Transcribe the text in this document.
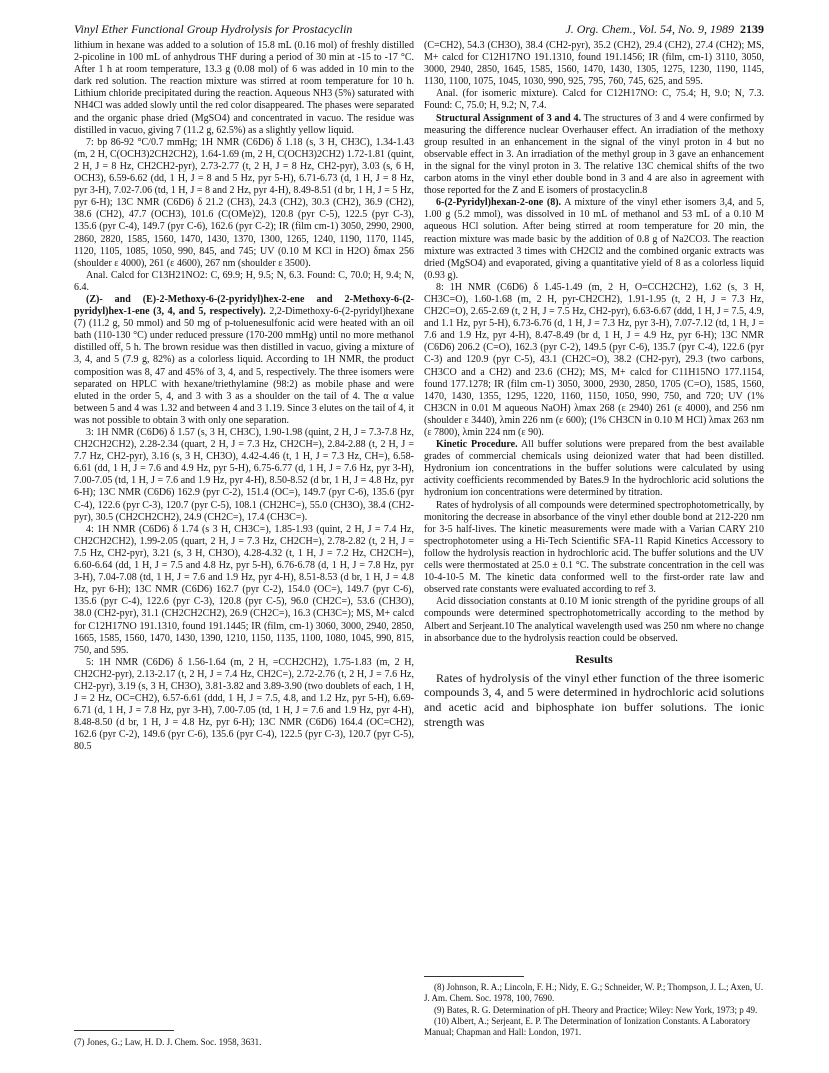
Vinyl Ether Functional Group Hydrolysis for Prostacyclin	J. Org. Chem., Vol. 54, No. 9, 1989 2139

lithium in hexane was added to a solution of 15.8 mL (0.16 mol) of freshly distilled 2-picoline in 100 mL of anhydrous THF during a period of 30 min at -15 to -17 °C. After 1 h at room temperature, 13.3 g (0.08 mol) of 6 was added in 10 min to the dark red solution. The reaction mixture was stirred at room temperature for 10 h. Lithium chloride precipitated during the reaction. Aqueous NH3 (5%) saturated with NH4Cl was added slowly until the red color disappeared. The phases were separated and the organic phase dried (MgSO4) and concentrated in vacuo. The residue was distilled in vacuo, giving 7 (11.2 g, 62.5%) as a slightly yellow liquid.

7: bp 86-92 °C/0.7 mmHg; 1H NMR (C6D6) δ 1.18 (s, 3 H, CH3C), 1.34-1.43 (m, 2 H, C(OCH3)2CH2CH2), 1.64-1.69 (m, 2 H, C(OCH3)2CH2) 1.72-1.81 (quint, 2 H, J = 8 Hz, CH2CH2-pyr), 2.73-2.77 (t, 2 H, J = 8 Hz, CH2-pyr), 3.03 (s, 6 H, OCH3), 6.59-6.62 (dd, 1 H, J = 8 and 5 Hz, pyr 5-H), 6.71-6.73 (d, 1 H, J = 8 Hz, pyr 3-H), 7.02-7.06 (td, 1 H, J = 8 and 2 Hz, pyr 4-H), 8.49-8.51 (d br, 1 H, J = 5 Hz, pyr 6-H); 13C NMR (C6D6) δ 21.2 (CH3), 24.3 (CH2), 30.3 (CH2), 36.9 (CH2), 38.6 (CH2), 47.7 (OCH3), 101.6 (C(OMe)2), 120.8 (pyr C-5), 122.5 (pyr C-3), 135.6 (pyr C-4), 149.7 (pyr C-6), 162.6 (pyr C-2); IR (film cm-1) 3050, 2990, 2900, 2860, 2820, 1585, 1560, 1470, 1430, 1370, 1300, 1265, 1240, 1190, 1170, 1145, 1120, 1105, 1085, 1050, 990, 845, and 745; UV (0.10 M KCl in H2O) δmax 256 (shoulder ε 4000), 261 (ε 4600), 267 nm (shoulder ε 3500).

Anal. Calcd for C13H21NO2: C, 69.9; H, 9.5; N, 6.3. Found: C, 70.0; H, 9.4; N, 6.4.

(Z)- and (E)-2-Methoxy-6-(2-pyridyl)hex-2-ene and 2-Methoxy-6-(2-pyridyl)hex-1-ene (3, 4, and 5, respectively). 2,2-Dimethoxy-6-(2-pyridyl)hexane (7) (11.2 g, 50 mmol) and 50 mg of p-toluenesulfonic acid were heated with an oil bath (110-130 °C) under reduced pressure (170-200 mmHg) until no more methanol distilled off, 5 h. The brown residue was then distilled in vacuo, giving a mixture of 3, 4, and 5 (7.9 g, 82%) as a colorless liquid. According to 1H NMR, the product composition was 8, 47 and 45% of 3, 4, and 5, respectively. The three isomers were separated on HPLC with hexane/triethylamine (98:2) as mobile phase and were eluted in the order 5, 4, and 3 with 3 as a shoulder on the tail of 4. The α value between 5 and 4 was 1.32 and between 4 and 3 1.19. Since 3 elutes on the tail of 4, it was not possible to obtain 3 with only one separation.

3: 1H NMR (C6D6) δ 1.57 (s, 3 H, CH3C), 1.90-1.98 (quint, 2 H, J = 7.3-7.8 Hz, CH2CH2CH2), 2.28-2.34 (quart, 2 H, J = 7.3 Hz, CH2CH=), 2.84-2.88 (t, 2 H, J = 7.7 Hz, CH2-pyr), 3.16 (s, 3 H, CH3O), 4.42-4.46 (t, 1 H, J = 7.3 Hz, CH=), 6.58-6.61 (dd, 1 H, J = 7.6 and 4.9 Hz, pyr 5-H), 6.75-6.77 (d, 1 H, J = 7.6 Hz, pyr 3-H), 7.00-7.05 (td, 1 H, J = 7.6 and 1.9 Hz, pyr 4-H), 8.50-8.52 (d br, 1 H, J = 4.8 Hz, pyr 6-H); 13C NMR (C6D6) 162.9 (pyr C-2), 151.4 (OC=), 149.7 (pyr C-6), 135.6 (pyr C-4), 122.6 (pyr C-3), 120.7 (pyr C-5), 108.1 (CH2HC=), 55.0 (CH3O), 38.4 (CH2-pyr), 30.5 (CH2CH2CH2), 24.9 (CH2C=), 17.4 (CH3C=).

4: 1H NMR (C6D6) δ 1.74 (s 3 H, CH3C=), 1.85-1.93 (quint, 2 H, J = 7.4 Hz, CH2CH2CH2), 1.99-2.05 (quart, 2 H, J = 7.3 Hz, CH2CH=), 2.78-2.82 (t, 2 H, J = 7.5 Hz, CH2-pyr), 3.21 (s, 3 H, CH3O), 4.28-4.32 (t, 1 H, J = 7.2 Hz, CH2CH=), 6.60-6.64 (dd, 1 H, J = 7.5 and 4.8 Hz, pyr 5-H), 6.76-6.78 (d, 1 H, J = 7.8 Hz, pyr 3-H), 7.04-7.08 (td, 1 H, J = 7.6 and 1.9 Hz, pyr 4-H), 8.51-8.53 (d br, 1 H, J = 4.8 Hz, pyr 6-H); 13C NMR (C6D6) 162.7 (pyr C-2), 154.0 (OC=), 149.7 (pyr C-6), 135.6 (pyr C-4), 122.6 (pyr C-3), 120.8 (pyr C-5), 96.0 (CH2C=), 53.6 (CH3O), 38.0 (CH2-pyr), 31.1 (CH2CH2CH2), 26.9 (CH2C=), 16.3 (CH3C=); MS, M+ calcd for C12H17NO 191.1310, found 191.1445; IR (film, cm-1) 3060, 3000, 2940, 2850, 1665, 1585, 1560, 1470, 1430, 1390, 1210, 1150, 1135, 1100, 1080, 1045, 990, 815, 750, and 595.

5: 1H NMR (C6D6) δ 1.56-1.64 (m, 2 H, =CCH2CH2), 1.75-1.83 (m, 2 H, CH2CH2-pyr), 2.13-2.17 (t, 2 H, J = 7.4 Hz, CH2C=), 2.72-2.76 (t, 2 H, J = 7.6 Hz, CH2-pyr), 3.19 (s, 3 H, CH3O), 3.81-3.82 and 3.89-3.90 (two doublets of each, 1 H, J = 2 Hz, OC=CH2), 6.57-6.61 (ddd, 1 H, J = 7.5, 4.8, and 1.2 Hz, pyr 5-H), 6.69-6.71 (d, 1 H, J = 7.8 Hz, pyr 3-H), 7.00-7.05 (td, 1 H, J = 7.6 and 1.9 Hz, pyr 4-H), 8.48-8.50 (d br, 1 H, J = 4.8 Hz, pyr 6-H); 13C NMR (C6D6) 164.4 (OC=CH2), 162.6 (pyr C-2), 149.6 (pyr C-6), 135.6 (pyr C-4), 122.5 (pyr C-3), 120.7 (pyr C-5), 80.5

(7) Jones, G.; Law, H. D. J. Chem. Soc. 1958, 3631.

(C=CH2), 54.3 (CH3O), 38.4 (CH2-pyr), 35.2 (CH2), 29.4 (CH2), 27.4 (CH2); MS, M+ calcd for C12H17NO 191.1310, found 191.1456; IR (film, cm-1) 3110, 3050, 3000, 2940, 2850, 1645, 1585, 1560, 1470, 1430, 1305, 1275, 1230, 1190, 1145, 1130, 1100, 1075, 1045, 1030, 990, 925, 795, 760, 745, 625, and 595.

Anal. (for isomeric mixture). Calcd for C12H17NO: C, 75.4; H, 9.0; N, 7.3. Found: C, 75.0; H, 9.2; N, 7.4.

Structural Assignment of 3 and 4. The structures of 3 and 4 were confirmed by measuring the difference nuclear Overhauser effect. An irradiation of the methoxy group resulted in an enhancement in the signal of the vinyl proton in 4 but no observable effect in 3. An irradiation of the methyl group in 3 gave an enhancement in the signal for the vinyl proton in 3. The relative 13C chemical shifts of the two carbon atoms in the vinyl ether double bond in 3 and 4 are also in agreement with those reported for the Z and E isomers of prostacyclin.8

6-(2-Pyridyl)hexan-2-one (8). A mixture of the vinyl ether isomers 3,4, and 5, 1.00 g (5.2 mmol), was dissolved in 10 mL of methanol and 53 mL of a 0.10 M aqueous HCl solution. After being stirred at room temperature for 20 min, the reaction mixture was made basic by the addition of 0.8 g of Na2CO3. The reaction mixture was extracted 3 times with CH2Cl2 and the combined organic extracts was dried (MgSO4) and evaporated, giving a quantitative yield of 8 as a colorless liquid (0.93 g).

8: 1H NMR (C6D6) δ 1.45-1.49 (m, 2 H, O=CCH2CH2), 1.62 (s, 3 H, CH3C=O), 1.60-1.68 (m, 2 H, pyr-CH2CH2), 1.91-1.95 (t, 2 H, J = 7.3 Hz, CH2C=O), 2.65-2.69 (t, 2 H, J = 7.5 Hz, CH2-pyr), 6.63-6.67 (ddd, 1 H, J = 7.5, 4.9, and 1.1 Hz, pyr 5-H), 6.73-6.76 (d, 1 H, J = 7.3 Hz, pyr 3-H), 7.07-7.12 (td, 1 H, J = 7.6 and 1.9 Hz, pyr 4-H), 8.47-8.49 (br d, 1 H, J = 4.9 Hz, pyr 6-H); 13C NMR (C6D6) 206.2 (C=O), 162.3 (pyr C-2), 149.5 (pyr C-6), 135.7 (pyr C-4), 122.6 (pyr C-3) and 120.9 (pyr C-5), 43.1 (CH2C=O), 38.2 (CH2-pyr), 29.3 (two carbons, CH3CO and a CH2) and 23.6 (CH2); MS, M+ calcd for C11H15NO 177.1154, found 177.1278; IR (film cm-1) 3050, 3000, 2930, 2850, 1705 (C=O), 1585, 1560, 1470, 1430, 1355, 1295, 1220, 1160, 1150, 1050, 990, 750, and 720; UV (1% CH3CN in 0.01 M aqueous NaOH) λmax 268 (ε 2940) 261 (ε 4000), and 256 nm (shoulder ε 3440), λmin 226 nm (ε 600); (1% CH3CN in 0.10 M HCl) λmax 263 nm (ε 7800), λmin 224 nm (ε 90).

Kinetic Procedure. All buffer solutions were prepared from the best available grades of commercial chemicals using deionized water that had been distilled. Hydronium ion concentrations in the buffer solutions were calculated by using activity coefficients recommended by Bates.9 In the hydrochloric acid solutions the hydronium ion concentrations were determined by titration.

Rates of hydrolysis of all compounds were determined spectrophotometrically, by monitoring the decrease in absorbance of the vinyl ether double bond at 212-220 nm for 3-5 half-lives. The kinetic measurements were made with a Varian CARY 210 spectrophotometer using a Hi-Tech Scientific SFA-11 Rapid Kinetics Accessory to follow the hydrolysis reaction in hydrochloric acid. The buffer solutions and the UV cells were thermostated at 25.0 ± 0.1 °C. The substrate concentration in the cell was 10-4-10-5 M. The kinetic data conformed well to the first-order rate law and observed rate constants were evaluated according to ref 3.

Acid dissociation constants at 0.10 M ionic strength of the pyridine groups of all compounds were determined spectrophotometrically according to the method by Albert and Serjeant.10 The analytical wavelength used was 250 nm where no change in absorbance due to the hydrolysis reaction could be observed.

Results

Rates of hydrolysis of the vinyl ether function of the three isomeric compounds 3, 4, and 5 were determined in hydrochloric acid solutions and acetic acid and biphosphate ion buffer solutions. The ionic strength was

(8) Johnson, R. A.; Lincoln, F. H.; Nidy, E. G.; Schneider, W. P.; Thompson, J. L.; Axen, U. J. Am. Chem. Soc. 1978, 100, 7690.

(9) Bates, R. G. Determination of pH. Theory and Practice; Wiley: New York, 1973; p 49.

(10) Albert, A.; Serjeant, E. P. The Determination of Ionization Constants. A Laboratory Manual; Chapman and Hall: London, 1971.
